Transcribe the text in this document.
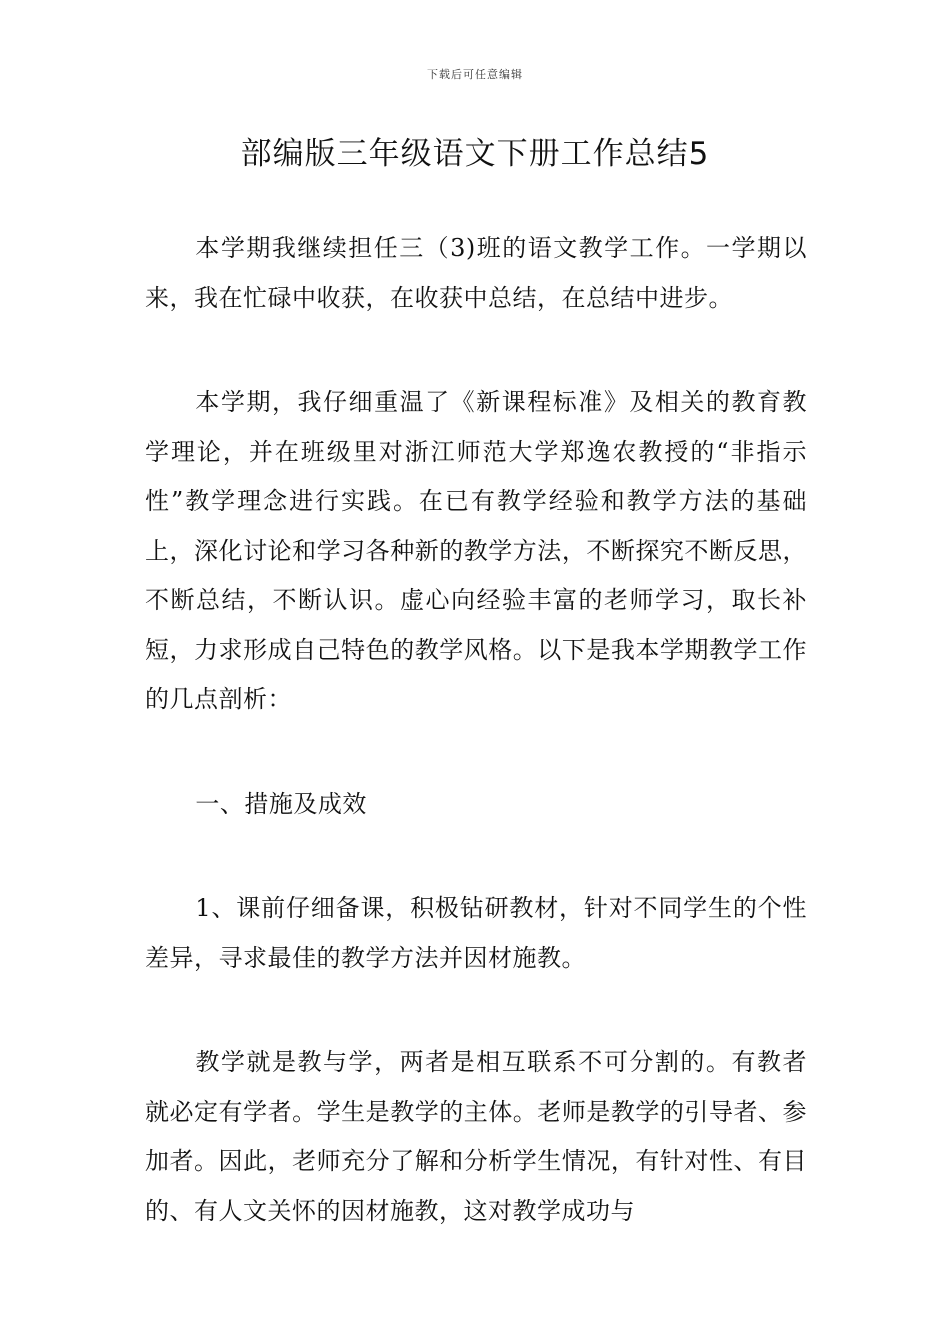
下载后可任意编辑
部编版三年级语文下册工作总结5

本学期我继续担任三（3)班的语文教学工作。一学期以来，我在忙碌中收获，在收获中总结，在总结中进步。

本学期，我仔细重温了《新课程标准》及相关的教育教学理论，并在班级里对浙江师范大学郑逸农教授的“非指示性”教学理念进行实践。在已有教学经验和教学方法的基础上，深化讨论和学习各种新的教学方法，不断探究不断反思，不断总结，不断认识。虚心向经验丰富的老师学习，取长补短，力求形成自己特色的教学风格。以下是我本学期教学工作的几点剖析：

一、措施及成效

1、课前仔细备课，积极钻研教材，针对不同学生的个性差异，寻求最佳的教学方法并因材施教。

教学就是教与学，两者是相互联系不可分割的。有教者就必定有学者。学生是教学的主体。老师是教学的引导者、参加者。因此，老师充分了解和分析学生情况，有针对性、有目的、有人文关怀的因材施教，这对教学成功与
